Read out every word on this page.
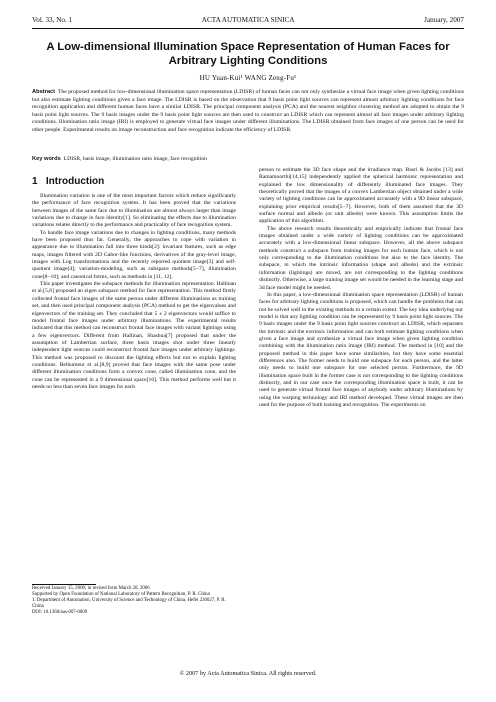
Vol. 33, No. 1	ACTA AUTOMATICA SINICA	January, 2007
A Low-dimensional Illumination Space Representation of Human Faces for Arbitrary Lighting Conditions
HU Yuan-Kui¹ WANG Zeng-Fu¹
Abstract The proposed method for low-dimensional illumination space representation (LDISR) of human faces can not only synthesize a virtual face image when given lighting conditions but also estimate lighting conditions given a face image. The LDISR is based on the observation that 9 basis point light sources can represent almost arbitrary lighting conditions for face recognition application and different human faces have a similar LDISR. The principal component analysis (PCA) and the nearest neighbor clustering method are adopted to obtain the 9 basis point light sources. The 9 basis images under the 9 basis point light sources are then used to construct an LDISR which can represent almost all face images under arbitrary lighting conditions. Illumination ratio image (IRI) is employed to generate virtual face images under different illuminations. The LDISR obtained from face images of one person can be used for other people. Experimental results on image reconstruction and face recognition indicate the efficiency of LDISR.
Key words LDISR, basis image, illumination ratio image, face recognition
1 Introduction

Illumination variation is one of the most important factors which reduce significantly the performance of face recognition system. It has been proved that the variations between images of the same face due to illumination are almost always larger than image variations due to change in face identity[1]. So eliminating the effects due to illumination variations relates directly to the performance and practicality of face recognition system.

To handle face image variations due to changes in lighting conditions, many methods have been proposed thus far. Generally, the approaches to cope with variation in appearance due to illumination fall into three kinds[2]: invariant features, such as edge maps, images filtered with 2D Gabor-like functions, derivatives of the gray-level image, images with Log transformations and the recently reported quotient image[3] and self-quotient image[4]; variation-modeling, such as subspace methods[5−7], illumination cone[8−10]; and canonical forms, such as methods in [11, 12].

This paper investigates the subspace methods for illumination representation. Hallinan et al.[5,6] proposed an eigen subspace method for face representation. This method firstly collected frontal face images of the same person under different illuminations as training set, and then used principal component analysis (PCA) method to get the eigenvalues and eigenvectors of the training set. They concluded that 5 ± 2 eigenvectors would suffice to model frontal face images under arbitrary illuminations. The experimental results indicated that this method can reconstruct frontal face images with variant lightings using a few eigenvectors. Different from Hallinan, Shashua[7] proposed that under the assumption of Lambertian surface, three basis images shot under three linearly independent light sources could reconstruct frontal face images under arbitrary lightings. This method was proposed to discount the lighting effects but not to explain lighting conditions. Belhumeur et al.[8,9] proved that face images with the same pose under different illumination conditions form a convex cone, called illumination cone, and the cone can be represented in a 9 dimensional space[10]. This method performs well but it needs no less than seven face images for each

person to estimate the 3D face shape and the irradiance map. Basri & Jacobs [13] and Ramamoorthi[14,15] independently applied the spherical harmonic representation and explained the low dimensionality of differently illuminated face images. They theoretically proved that the images of a convex Lambertian object obtained under a wide variety of lighting conditions can be approximated accurately with a 9D linear subspace, explaining prior empirical results[5−7]. However, both of them assumed that the 3D surface normal and albedo (or unit albedo) were known. This assumption limits the application of this algorithm.

The above research results theoretically and empirically indicate that frontal face images obtained under a wide variety of lighting conditions can be approximated accurately with a low-dimensional linear subspace. However, all the above subspace methods construct a subspace from training images for each human face, which is not only corresponding to the illumination conditions but also to the face identity. The subspace, in which the intrinsic information (shape and albedo) and the extrinsic information (lightings) are mixed, are not corresponding to the lighting conditions distinctly. Otherwise, a large training image set would be needed in the learning stage and 3d face model might be needed.

In this paper, a low-dimensional illumination space representation (LDISR) of human faces for arbitrary lighting conditions is proposed, which can handle the problems that can not be solved well in the existing methods to a certain extent. The key idea underlying our model is that any lighting condition can be represented by 9 basis point light sources. The 9 basis images under the 9 basis point light sources construct an LDISR, which separates the intrinsic and the extrinsic information and can both estimate lighting conditions when given a face image and synthesize a virtual face image when given lighting condition combining with the illumination ratio image (IRI) method. The method in [10] and the proposed method in this paper have some similarities, but they have some essential differences also. The former needs to build one subspace for each person, and the latter only needs to build one subspace for one selected person. Furthermore, the 9D illumination space built in the former case is not corresponding to the lighting conditions distinctly, and in our case once the corresponding illumination space is built, it can be used to generate virtual frontal face images of anybody under arbitrary illuminations by using the warping technology and IRI method developed. These virtual images are then used for the purpose of both training and recognition. The experiments on

Received January 15, 2006; in revised form March 28, 2006
Supported by Open Foundation of National Laboratory of Pattern Recognition, P. R. China
1. Department of Automation, University of Science and Technology of China, Hefei 230027, P. R. China
DOI: 10.1360/aas-007-0009
© 2007 by Acta Automatica Sinica. All rights reserved.
